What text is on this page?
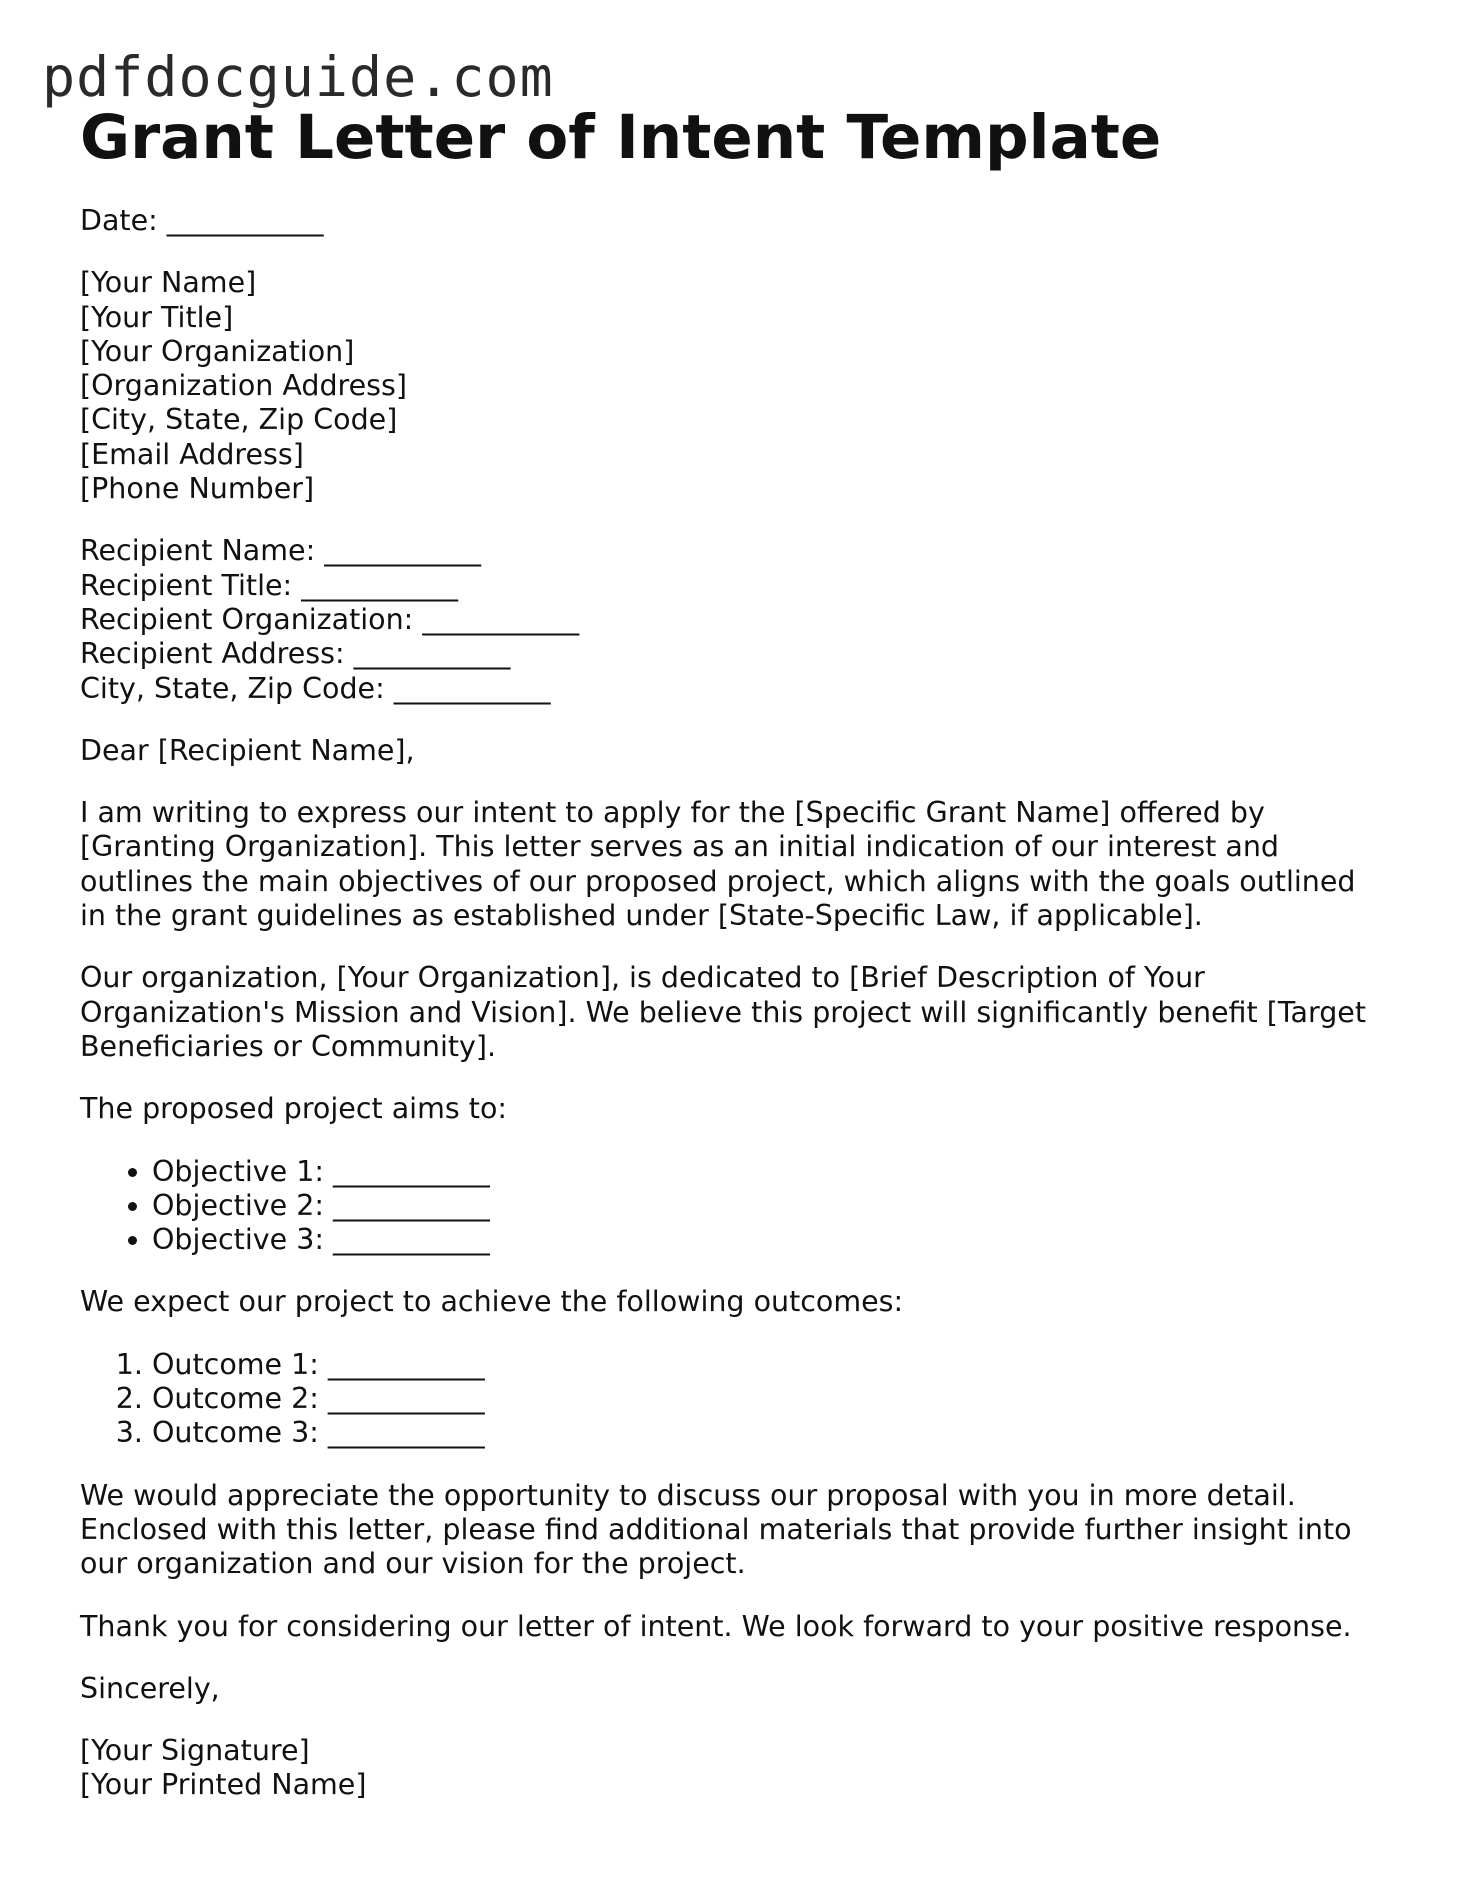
pdfdocguide.com
Grant Letter of Intent Template

Date: ___________

[Your Name]
[Your Title]
[Your Organization]
[Organization Address]
[City, State, Zip Code]
[Email Address]
[Phone Number]

Recipient Name: ___________
Recipient Title: ___________
Recipient Organization: ___________
Recipient Address: ___________
City, State, Zip Code: ___________

Dear [Recipient Name],

I am writing to express our intent to apply for the [Specific Grant Name] offered by [Granting Organization]. This letter serves as an initial indication of our interest and outlines the main objectives of our proposed project, which aligns with the goals outlined in the grant guidelines as established under [State-Specific Law, if applicable].

Our organization, [Your Organization], is dedicated to [Brief Description of Your Organization's Mission and Vision]. We believe this project will significantly benefit [Target Beneficiaries or Community].

The proposed project aims to:

• Objective 1: ___________
• Objective 2: ___________
• Objective 3: ___________

We expect our project to achieve the following outcomes:

1. Outcome 1: ___________
2. Outcome 2: ___________
3. Outcome 3: ___________

We would appreciate the opportunity to discuss our proposal with you in more detail. Enclosed with this letter, please find additional materials that provide further insight into our organization and our vision for the project.

Thank you for considering our letter of intent. We look forward to your positive response.

Sincerely,

[Your Signature]
[Your Printed Name]
